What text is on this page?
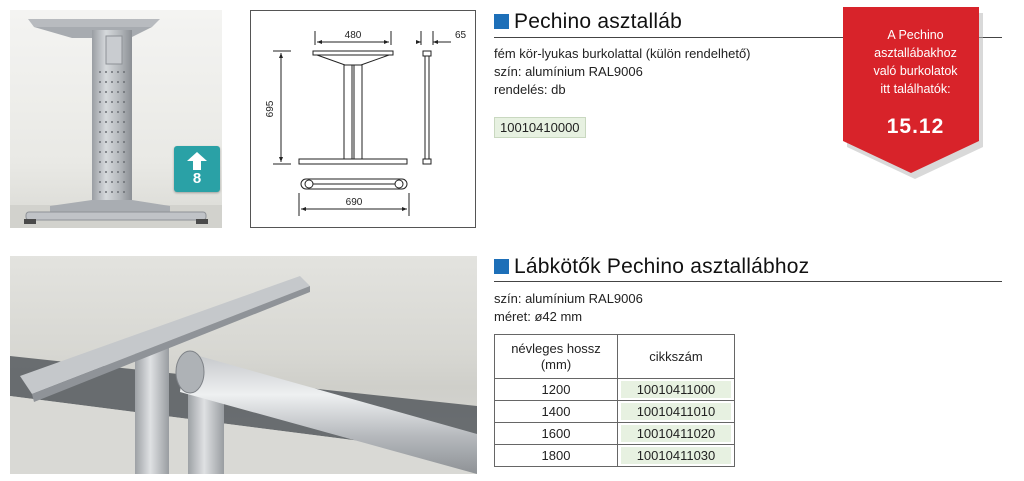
8
480	65
695
690
Pechino asztalláb
fém kör-lyukas burkolattal (külön rendelhető)
szín: alumínium RAL9006
rendelés: db
10010410000
A Pechino
asztallábakhoz
való burkolatok
itt találhatók:
15.12
Lábkötők Pechino asztallábhoz
szín: alumínium RAL9006
méret: ø42 mm
névleges hossz (mm)	cikkszám
1200	10010411000

1400	10010411010

1600	10010411020

1800	10010411030
